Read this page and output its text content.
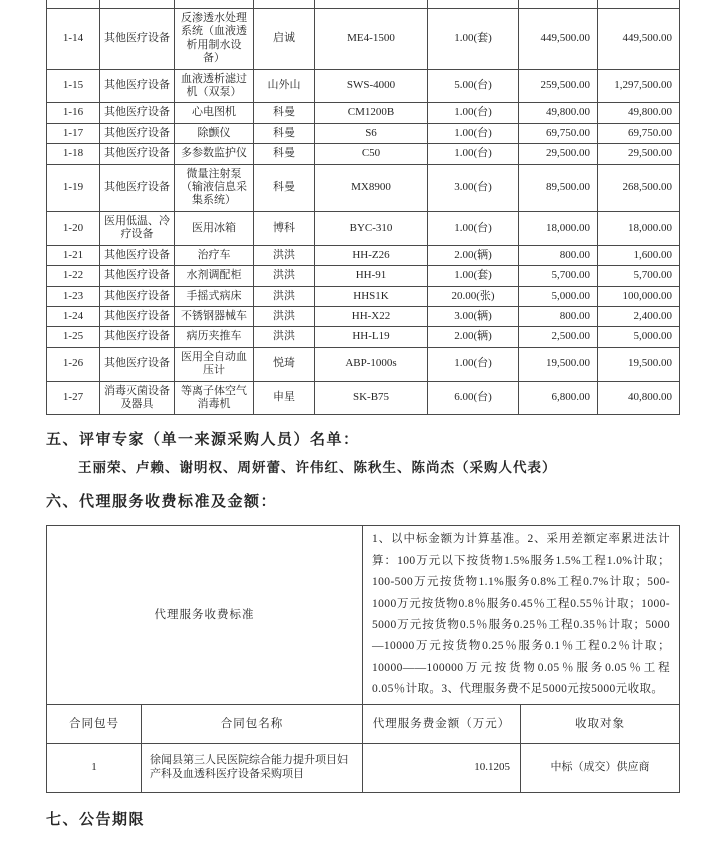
1-14	其他医疗设备	反渗透水处理系统（血液透析用制水设备）	启诚	ME4-1500	1.00(套)	449,500.00	449,500.00
1-15	其他医疗设备	血液透析滤过机（双泵）	山外山	SWS-4000	5.00(台)	259,500.00	1,297,500.00
1-16	其他医疗设备	心电图机	科曼	CM1200B	1.00(台)	49,800.00	49,800.00
1-17	其他医疗设备	除颤仪	科曼	S6	1.00(台)	69,750.00	69,750.00
1-18	其他医疗设备	多参数监护仪	科曼	C50	1.00(台)	29,500.00	29,500.00
1-19	其他医疗设备	微量注射泵（输液信息采集系统）	科曼	MX8900	3.00(台)	89,500.00	268,500.00
1-20	医用低温、冷疗设备	医用冰箱	博科	BYC-310	1.00(台)	18,000.00	18,000.00
1-21	其他医疗设备	治疗车	洪洪	HH-Z26	2.00(辆)	800.00	1,600.00
1-22	其他医疗设备	水剂调配柜	洪洪	HH-91	1.00(套)	5,700.00	5,700.00
1-23	其他医疗设备	手摇式病床	洪洪	HHS1K	20.00(张)	5,000.00	100,000.00
1-24	其他医疗设备	不锈钢器械车	洪洪	HH-X22	3.00(辆)	800.00	2,400.00
1-25	其他医疗设备	病历夹推车	洪洪	HH-L19	2.00(辆)	2,500.00	5,000.00
1-26	其他医疗设备	医用全自动血压计	悦琦	ABP-1000s	1.00(台)	19,500.00	19,500.00
1-27	消毒灭菌设备及器具	等离子体空气消毒机	申星	SK-B75	6.00(台)	6,800.00	40,800.00
五、评审专家（单一来源采购人员）名单：
王丽荣、卢赖、谢明权、周妍蕾、许伟红、陈秋生、陈尚杰（采购人代表）
六、代理服务收费标准及金额：
代理服务收费标准		1、以中标金额为计算基准。2、采用差额定率累进法计算：100万元以下按货物1.5%服务1.5%工程1.0%计取；100-500万元按货物1.1%服务0.8%工程0.7%计取；500-1000万元按货物0.8％服务0.45％工程0.55％计取；1000-5000万元按货物0.5％服务0.25％工程0.35％计取；5000—10000万元按货物0.25％服务0.1％工程0.2％计取；10000——100000万元按货物0.05％服务0.05％工程0.05％计取。3、代理服务费不足5000元按5000元收取。	
合同包号	合同包名称	代理服务费金额（万元）	收取对象
1	徐闻县第三人民医院综合能力提升项目妇产科及血透科医疗设备采购项目	10.1205	中标（成交）供应商
七、公告期限
